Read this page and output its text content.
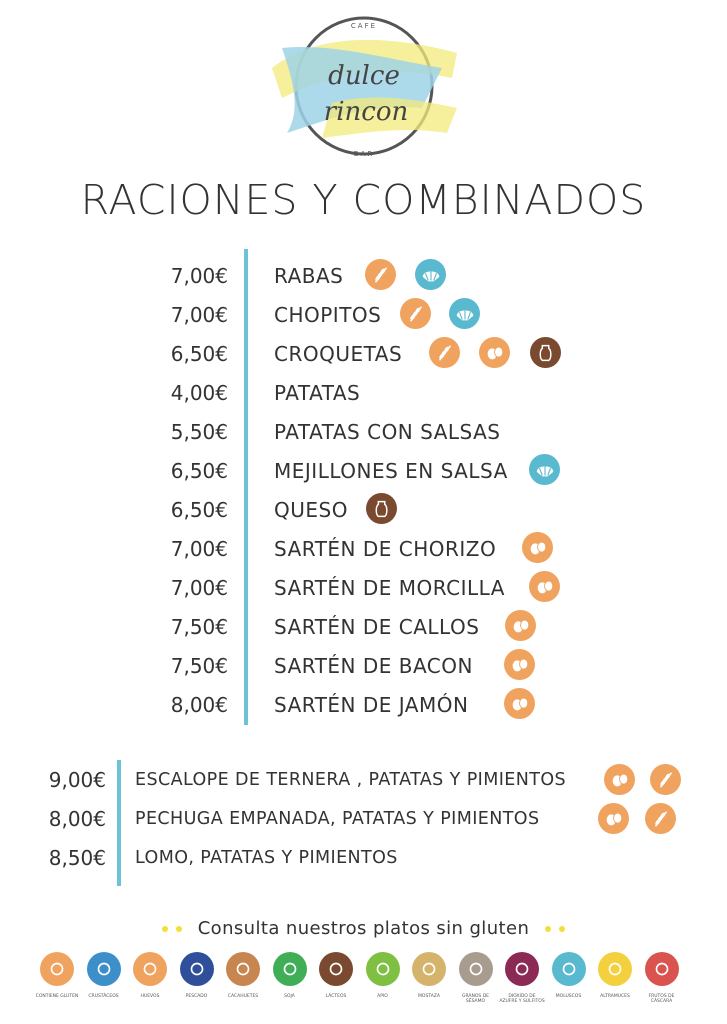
CAFE
BAR
dulce
rincon
RACIONES Y COMBINADOS
7,00€ RABAS
7,00€ CHOPITOS
6,50€ CROQUETAS
4,00€ PATATAS
5,50€ PATATAS CON SALSAS
6,50€ MEJILLONES EN SALSA
6,50€ QUESO
7,00€ SARTÉN DE CHORIZO
7,00€ SARTÉN DE MORCILLA
7,50€ SARTÉN DE CALLOS
7,50€ SARTÉN DE BACON
8,00€ SARTÉN DE JAMÓN
9,00€ ESCALOPE DE TERNERA , PATATAS Y PIMIENTOS
8,00€ PECHUGA EMPANADA, PATATAS Y PIMIENTOS
8,50€ LOMO, PATATAS Y PIMIENTOS
Consulta nuestros platos sin gluten
CONTIENE GLUTEN	CRUSTÁCEOS	HUEVOS	PESCADO	CACAHUETES	SOJA	LÁCTEOS	APIO	MOSTAZA	GRANOS DE SÉSAMO
DIÓXIDO DE AZUFRE Y SULFITOS
MOLUSCOS	ALTRAMUCES	FRUTOS DE CÁSCARA
